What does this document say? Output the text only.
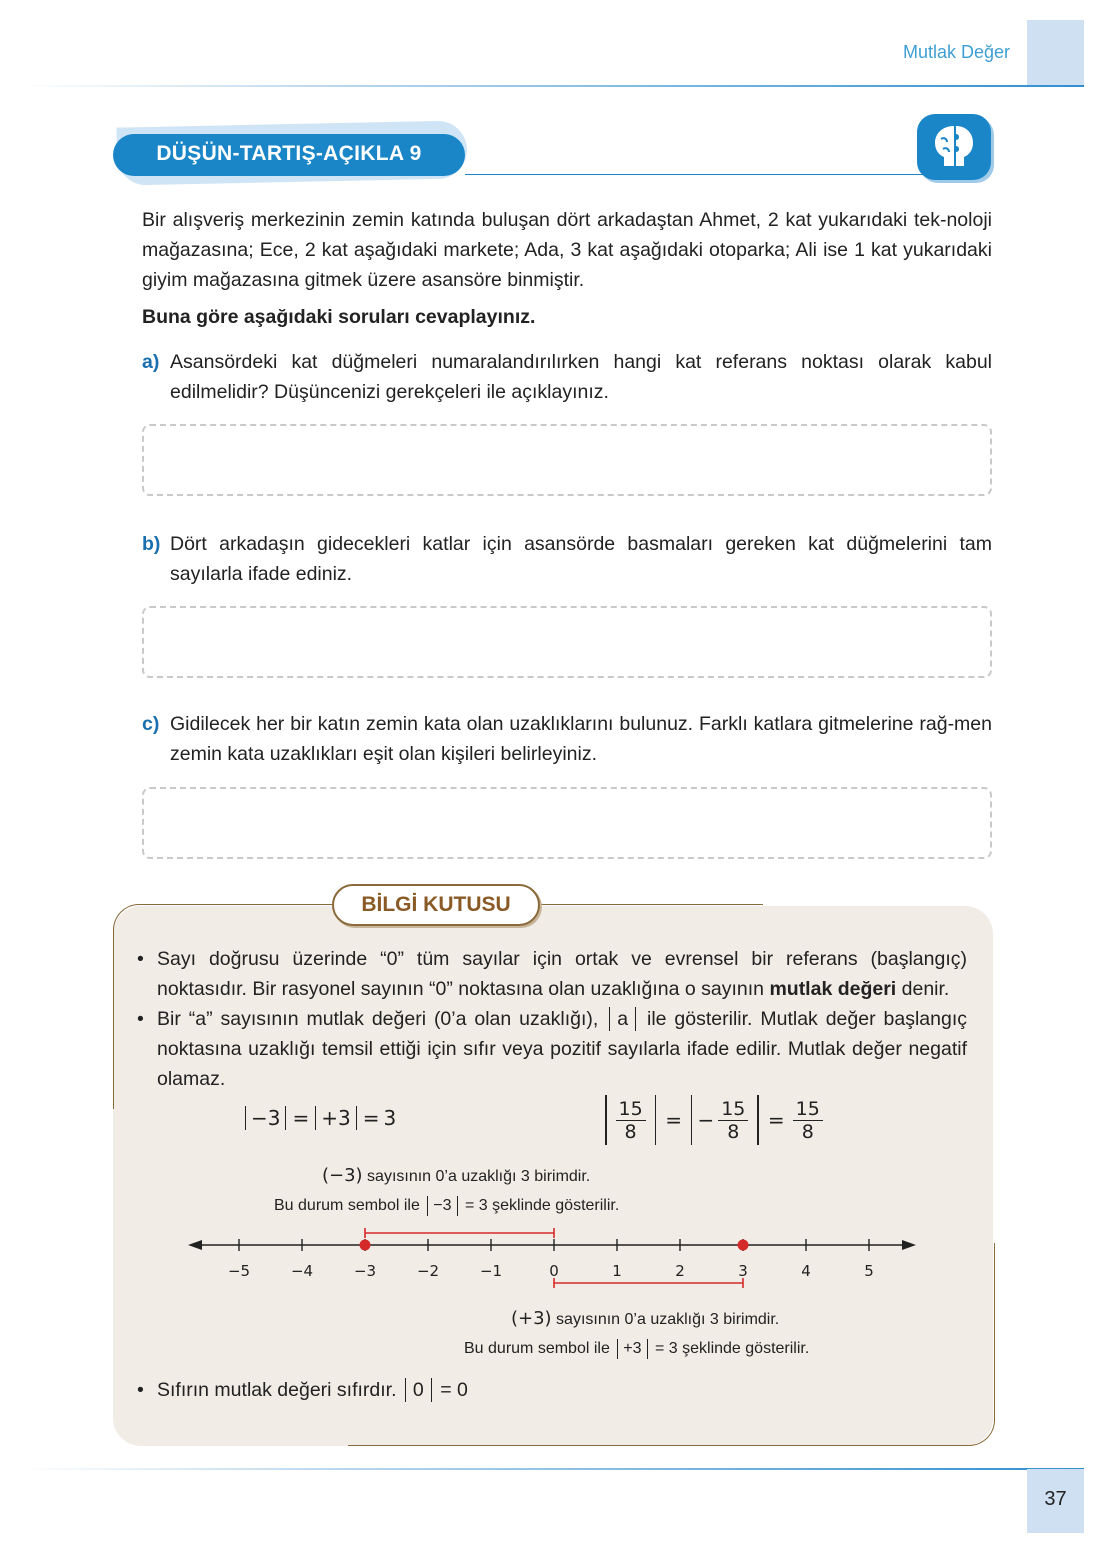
Mutlak Değer
DÜŞÜN-TARTIŞ-AÇIKLA 9
Bir alışveriş merkezinin zemin katında buluşan dört arkadaştan Ahmet, 2 kat yukarıdaki tek-noloji mağazasına; Ece, 2 kat aşağıdaki markete; Ada, 3 kat aşağıdaki otoparka; Ali ise 1 kat yukarıdaki giyim mağazasına gitmek üzere asansöre binmiştir.
Buna göre aşağıdaki soruları cevaplayınız.
a) Asansördeki kat düğmeleri numaralandırılırken hangi kat referans noktası olarak kabul edilmelidir? Düşüncenizi gerekçeleri ile açıklayınız.
b) Dört arkadaşın gidecekleri katlar için asansörde basmaları gereken kat düğmelerini tam sayılarla ifade ediniz.
c) Gidilecek her bir katın zemin kata olan uzaklıklarını bulunuz. Farklı katlara gitmelerine rağ-men zemin kata uzaklıkları eşit olan kişileri belirleyiniz.
BİLGİ KUTUSU
• Sayı doğrusu üzerinde “0” tüm sayılar için ortak ve evrensel bir referans (başlangıç) noktasıdır. Bir rasyonel sayının “0” noktasına olan uzaklığına o sayının mutlak değeri denir.
• Bir “a” sayısının mutlak değeri (0’a olan uzaklığı), a ile gösterilir. Mutlak değer başlangıç noktasına uzaklığı temsil ettiği için sıfır veya pozitif sayılarla ifade edilir. Mutlak değer negatif olamaz.
−3 = +3 = 3	$\frac{15}{8}$ = − $\frac{15}{8} = \frac{15}{8}$
(−3) sayısının 0’a uzaklığı 3 birimdir.
Bu durum sembol ile −3 = 3 şeklinde gösterilir.
−5	−4	−3	−2	−1	0	1	2	3	4	5
(+3) sayısının 0’a uzaklığı 3 birimdir.
Bu durum sembol ile +3 = 3 şeklinde gösterilir.
• Sıfırın mutlak değeri sıfırdır. 0 = 0
37
